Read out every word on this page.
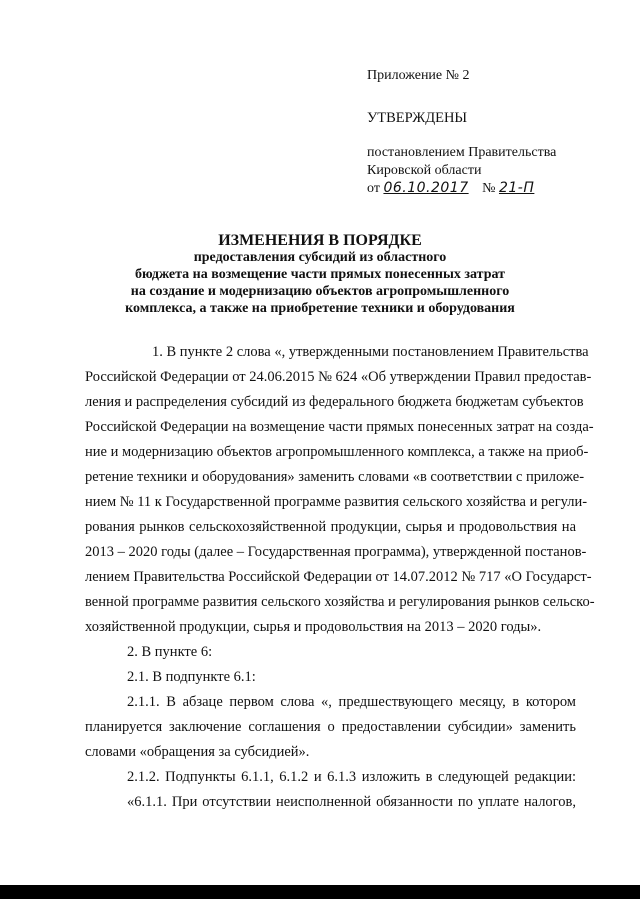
Приложение № 2
УТВЕРЖДЕНЫ
постановлением Правительства
Кировской области
от 06.10.2017 № 21-П
ИЗМЕНЕНИЯ В ПОРЯДКЕ
предоставления субсидий из областного
бюджета на возмещение части прямых понесенных затрат
на создание и модернизацию объектов агропромышленного
комплекса, а также на приобретение техники и оборудования
1. В пункте 2 слова «, утвержденными постановлением Правительства
Российской Федерации от 24.06.2015 № 624 «Об утверждении Правил предостав-
ления и распределения субсидий из федерального бюджета бюджетам субъектов
Российской Федерации на возмещение части прямых понесенных затрат на созда-
ние и модернизацию объектов агропромышленного комплекса, а также на приоб-
ретение техники и оборудования» заменить словами «в соответствии с приложе-
нием № 11 к Государственной программе развития сельского хозяйства и регули-
рования рынков сельскохозяйственной продукции, сырья и продовольствия на
2013 – 2020 годы (далее – Государственная программа), утвержденной постанов-
лением Правительства Российской Федерации от 14.07.2012 № 717 «О Государст-
венной программе развития сельского хозяйства и регулирования рынков сельско-
хозяйственной продукции, сырья и продовольствия на 2013 – 2020 годы».
2. В пункте 6:
2.1. В подпункте 6.1:
2.1.1. В абзаце первом слова «, предшествующего месяцу, в котором
планируется заключение соглашения о предоставлении субсидии» заменить
словами «обращения за субсидией».
2.1.2. Подпункты 6.1.1, 6.1.2 и 6.1.3 изложить в следующей редакции:
«6.1.1. При отсутствии неисполненной обязанности по уплате налогов,
